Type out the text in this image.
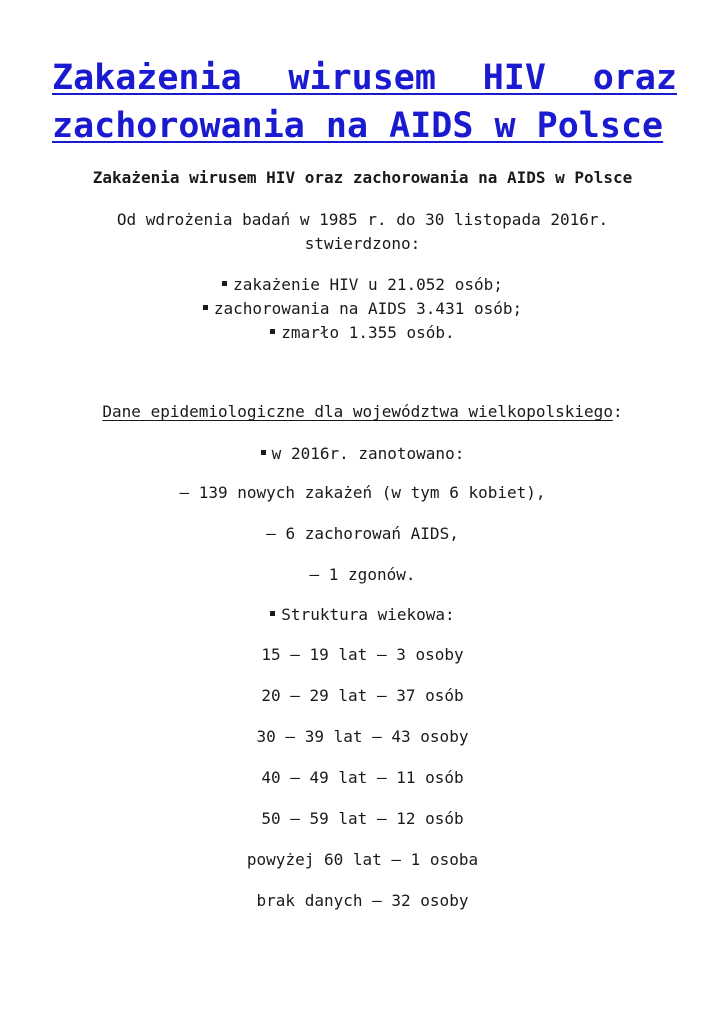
Zakażenia wirusem HIV oraz
zachorowania na AIDS w Polsce
Zakażenia wirusem HIV oraz zachorowania na AIDS w Polsce
Od wdrożenia badań w 1985 r. do 30 listopada 2016r.
stwierdzono:
zakażenie HIV u 21.052 osób;
zachorowania na AIDS 3.431 osób;
zmarło 1.355 osób.
Dane epidemiologiczne dla województwa wielkopolskiego:
w 2016r. zanotowano:
– 139 nowych zakażeń (w tym 6 kobiet),
– 6 zachorowań AIDS,
– 1 zgonów.
Struktura wiekowa:
15 – 19 lat – 3 osoby
20 – 29 lat – 37 osób
30 – 39 lat – 43 osoby
40 – 49 lat – 11 osób
50 – 59 lat – 12 osób
powyżej 60 lat – 1 osoba
brak danych – 32 osoby
